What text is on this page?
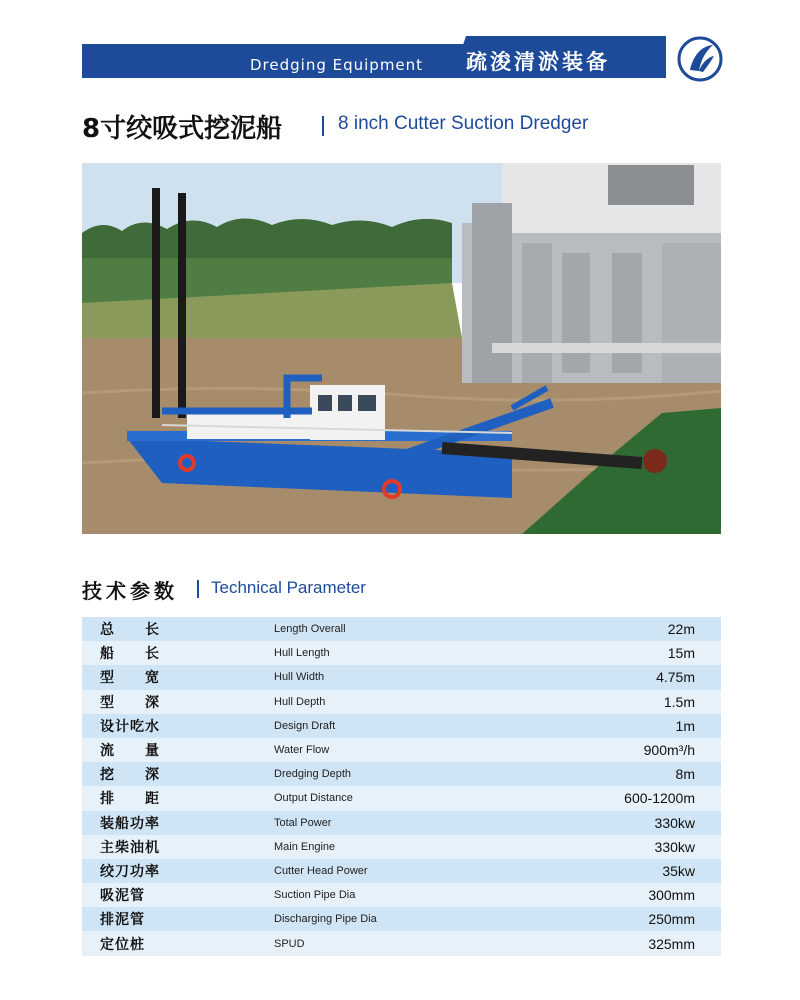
Dredging Equipment 疏浚清淤装备
8寸绞吸式挖泥船	8 inch Cutter Suction Dredger
技术参数 Technical Parameter
总　　长	Length Overall	22m
船　　长	Hull Length	15m
型　　宽	Hull Width	4.75m
型　　深	Hull Depth	1.5m
设计吃水	Design Draft	1m
流　　量	Water Flow	900m³/h
挖　　深	Dredging Depth	8m
排　　距	Output Distance	600-1200m
装船功率	Total Power	330kw
主柴油机	Main Engine	330kw
绞刀功率	Cutter Head Power	35kw
吸泥管	Suction Pipe Dia	300mm
排泥管	Discharging Pipe Dia	250mm
定位桩	SPUD	325mm
